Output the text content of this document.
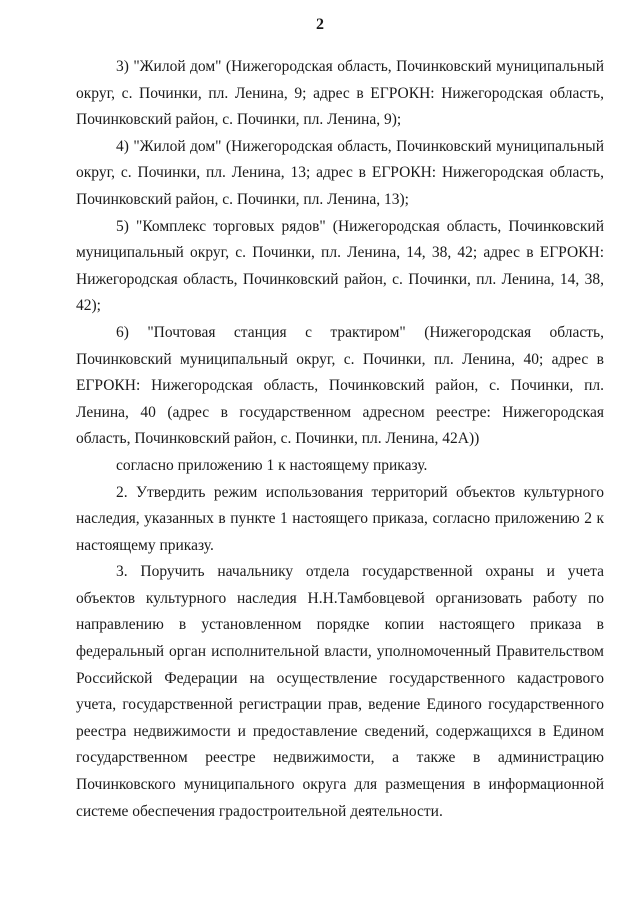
2

3) "Жилой дом" (Нижегородская область, Починковский муниципальный округ, с. Починки, пл. Ленина, 9; адрес в ЕГРОКН: Нижегородская область, Починковский район, с. Починки, пл. Ленина, 9);

4) "Жилой дом" (Нижегородская область, Починковский муниципальный округ, с. Починки, пл. Ленина, 13; адрес в ЕГРОКН: Нижегородская область, Починковский район, с. Починки, пл. Ленина, 13);

5) "Комплекс торговых рядов" (Нижегородская область, Починковский муниципальный округ, с. Починки, пл. Ленина, 14, 38, 42; адрес в ЕГРОКН: Нижегородская область, Починковский район, с. Починки, пл. Ленина, 14, 38, 42);

6) "Почтовая станция с трактиром" (Нижегородская область, Починковский муниципальный округ, с. Починки, пл. Ленина, 40; адрес в ЕГРОКН: Нижегородская область, Починковский район, с. Починки, пл. Ленина, 40 (адрес в государственном адресном реестре: Нижегородская область, Починковский район, с. Починки, пл. Ленина, 42А))

согласно приложению 1 к настоящему приказу.

2. Утвердить режим использования территорий объектов культурного наследия, указанных в пункте 1 настоящего приказа, согласно приложению 2 к настоящему приказу.

3. Поручить начальнику отдела государственной охраны и учета объектов культурного наследия Н.Н.Тамбовцевой организовать работу по направлению в установленном порядке копии настоящего приказа в федеральный орган исполнительной власти, уполномоченный Правительством Российской Федерации на осуществление государственного кадастрового учета, государственной регистрации прав, ведение Единого государственного реестра недвижимости и предоставление сведений, содержащихся в Едином государственном реестре недвижимости, а также в администрацию Починковского муниципального округа для размещения в информационной системе обеспечения градостроительной деятельности.
